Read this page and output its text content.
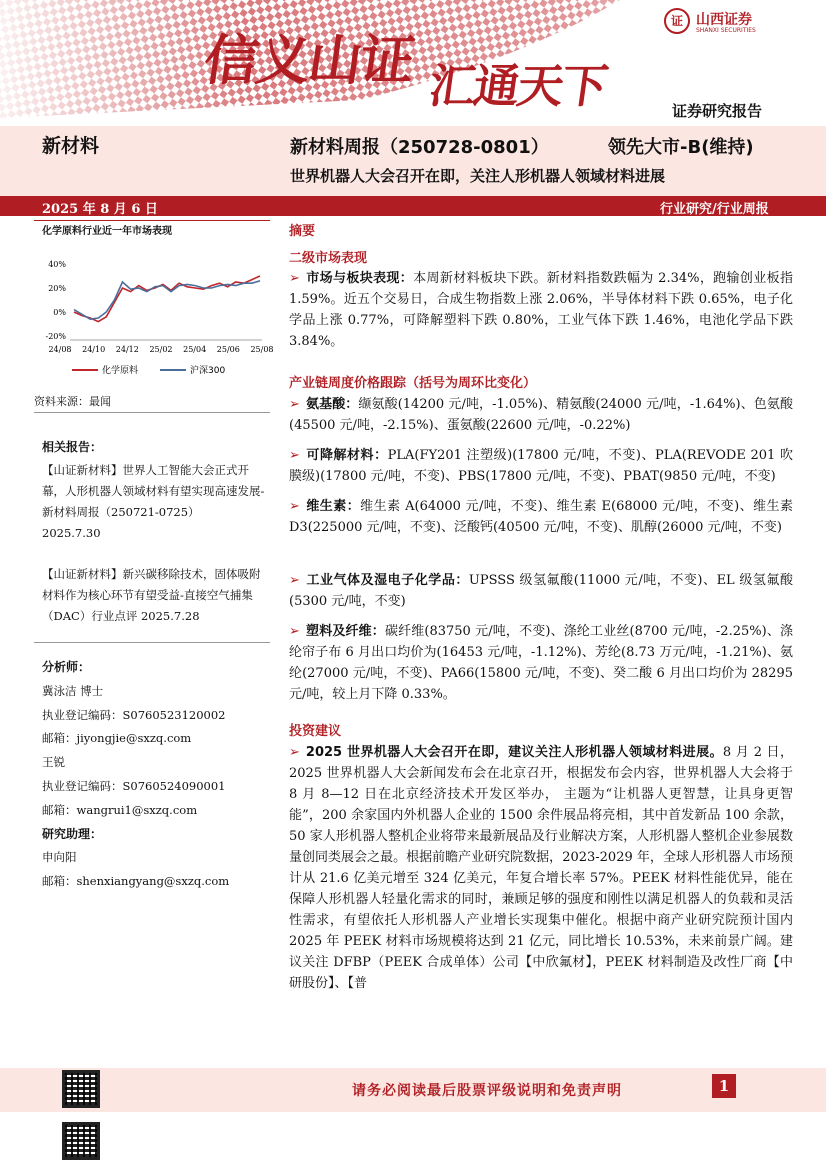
信义山证 汇通天下
证 山西证券
SHANXI SECURITIES
证券研究报告
新材料	新材料周报（250728-0801）	领先大市-B(维持)
世界机器人大会召开在即，关注人形机器人领域材料进展
2025 年 8 月 6 日	行业研究/行业周报
化学原料行业近一年市场表现
40%
20%
0%
-20%
24/08 24/10 24/12 25/02 25/04 25/06 25/08
化学原料	沪深300
资料来源：最闻
相关报告：
【山证新材料】世界人工智能大会正式开幕，人形机器人领域材料有望实现高速发展-新材料周报（250721-0725）
2025.7.30
【山证新材料】新兴碳移除技术，固体吸附材料作为核心环节有望受益-直接空气捕集（DAC）行业点评 2025.7.28
分析师：
冀泳洁 博士
执业登记编码：S0760523120002
邮箱：jiyongjie@sxzq.com
王锐
执业登记编码：S0760524090001
邮箱：wangrui1@sxzq.com
研究助理：
申向阳
邮箱：shenxiangyang@sxzq.com
摘要
二级市场表现
➢ 市场与板块表现：本周新材料板块下跌。新材料指数跌幅为 2.34%，跑输创业板指 1.59%。近五个交易日，合成生物指数上涨 2.06%，半导体材料下跌 0.65%，电子化学品上涨 0.77%，可降解塑料下跌 0.80%，工业气体下跌 1.46%，电池化学品下跌 3.84%。
产业链周度价格跟踪（括号为周环比变化）
➢ 氨基酸：缬氨酸(14200 元/吨，-1.05%)、精氨酸(24000 元/吨，-1.64%)、色氨酸(45500 元/吨，-2.15%)、蛋氨酸(22600 元/吨，-0.22%)
➢ 可降解材料：PLA(FY201 注塑级)(17800 元/吨，不变)、PLA(REVODE 201 吹膜级)(17800 元/吨，不变)、PBS(17800 元/吨，不变)、PBAT(9850 元/吨，不变)
➢ 维生素：维生素 A(64000 元/吨，不变)、维生素 E(68000 元/吨，不变)、维生素 D3(225000 元/吨，不变)、泛酸钙(40500 元/吨，不变)、肌醇(26000 元/吨，不变)
➢ 工业气体及湿电子化学品：UPSSS 级氢氟酸(11000 元/吨，不变)、EL 级氢氟酸(5300 元/吨，不变)
➢ 塑料及纤维：碳纤维(83750 元/吨，不变)、涤纶工业丝(8700 元/吨，-2.25%)、涤纶帘子布 6 月出口均价为(16453 元/吨，-1.12%)、芳纶(8.73 万元/吨，-1.21%)、氨纶(27000 元/吨，不变)、PA66(15800 元/吨，不变)、癸二酸 6 月出口均价为 28295 元/吨，较上月下降 0.33%。
投资建议
➢ 2025 世界机器人大会召开在即，建议关注人形机器人领域材料进展。8 月 2 日，2025 世界机器人大会新闻发布会在北京召开，根据发布会内容，世界机器人大会将于 8 月 8—12 日在北京经济技术开发区举办， 主题为“让机器人更智慧，让具身更智能”，200 余家国内外机器人企业的 1500 余件展品将亮相，其中首发新品 100 余款，50 家人形机器人整机企业将带来最新展品及行业解决方案，人形机器人整机企业参展数量创同类展会之最。根据前瞻产业研究院数据，2023-2029 年，全球人形机器人市场预计从 21.6 亿美元增至 324 亿美元，年复合增长率 57%。PEEK 材料性能优异，能在保障人形机器人轻量化需求的同时，兼顾足够的强度和刚性以满足机器人的负载和灵活性需求，有望依托人形机器人产业增长实现集中催化。根据中商产业研究院预计国内 2025 年 PEEK 材料市场规模将达到 21 亿元，同比增长 10.53%，未来前景广阔。建议关注 DFBP（PEEK 合成单体）公司【中欣氟材】，PEEK 材料制造及改性厂商【中研股份】、【普
请务必阅读最后股票评级说明和免责声明	1
